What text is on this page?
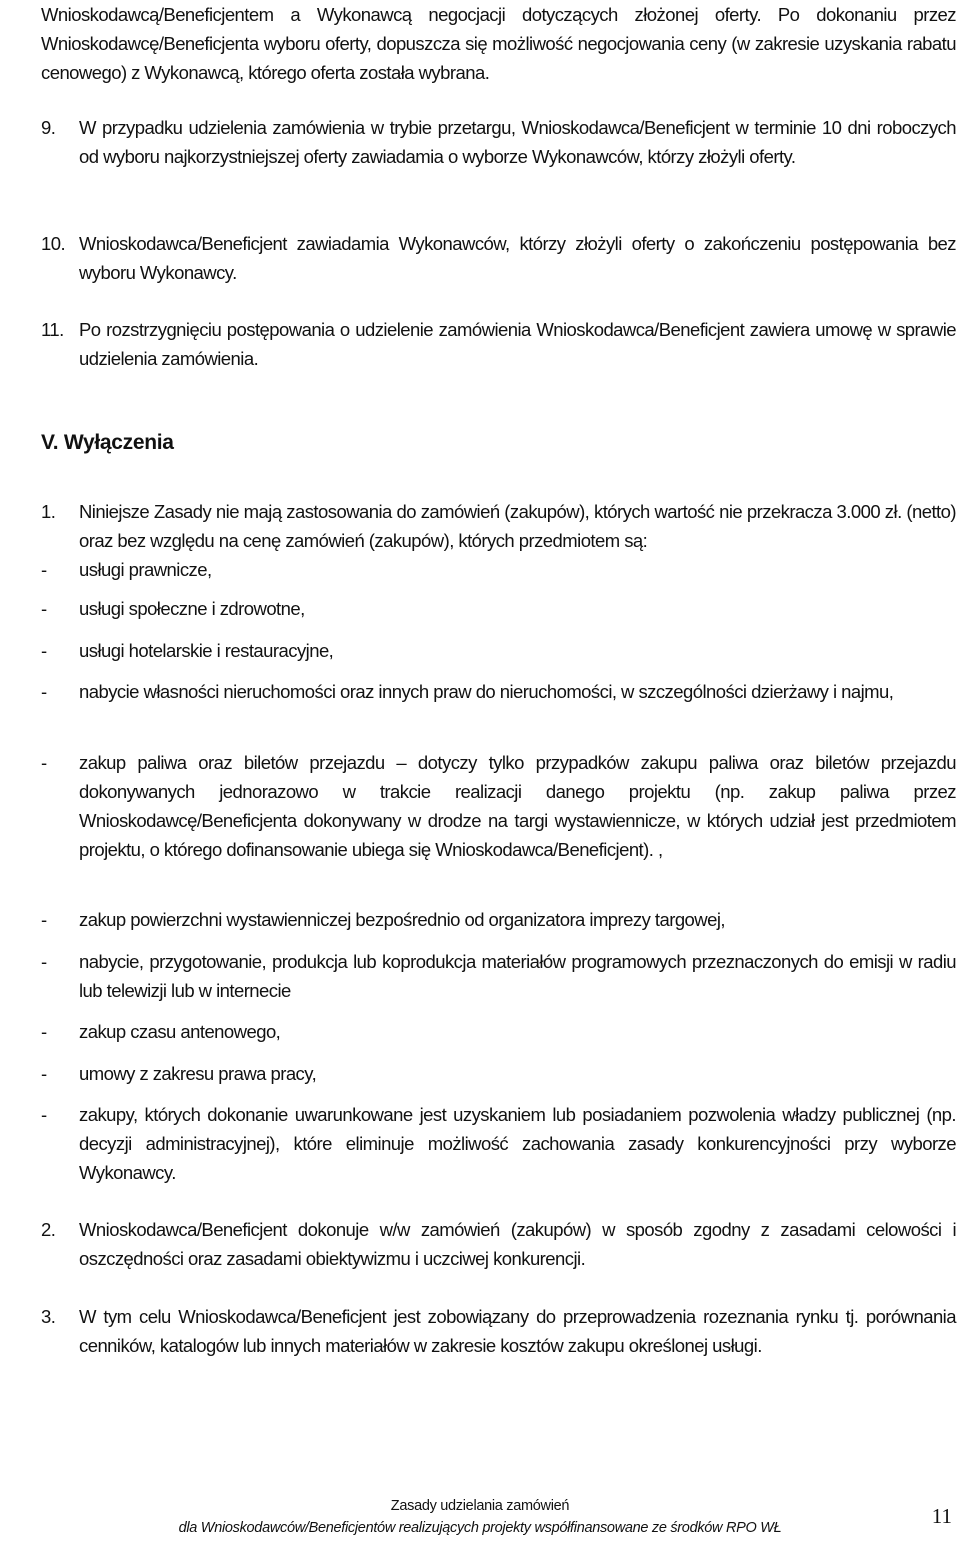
Wnioskodawcą/Beneficjentem a Wykonawcą negocjacji dotyczących złożonej oferty. Po dokonaniu przez Wnioskodawcę/Beneficjenta wyboru oferty, dopuszcza się możliwość negocjowania ceny (w zakresie uzyskania rabatu cenowego) z Wykonawcą, którego oferta została wybrana.

9.	W przypadku udzielenia zamówienia w trybie przetargu, Wnioskodawca/Beneficjent w terminie 10 dni roboczych od wyboru najkorzystniejszej oferty zawiadamia o wyborze Wykonawców, którzy złożyli oferty.
10. Wnioskodawca/Beneficjent zawiadamia Wykonawców, którzy złożyli oferty o zakończeniu postępowania bez wyboru Wykonawcy.
11. Po rozstrzygnięciu postępowania o udzielenie zamówienia Wnioskodawca/Beneficjent zawiera umowę w sprawie udzielenia zamówienia.
V. Wyłączenia
1.	Niniejsze Zasady nie mają zastosowania do zamówień (zakupów), których wartość nie przekracza 3.000 zł. (netto) oraz bez względu na cenę zamówień (zakupów), których przedmiotem są:
-	usługi prawnicze,
-	usługi społeczne i zdrowotne,
-	usługi hotelarskie i restauracyjne,
-	nabycie własności nieruchomości oraz innych praw do nieruchomości, w szczególności dzierżawy i najmu,
-	zakup paliwa oraz biletów przejazdu – dotyczy tylko przypadków zakupu paliwa oraz biletów przejazdu dokonywanych jednorazowo w trakcie realizacji danego projektu (np. zakup paliwa przez Wnioskodawcę/Beneficjenta dokonywany w drodze na targi wystawiennicze, w których udział jest przedmiotem projektu, o którego dofinansowanie ubiega się Wnioskodawca/Beneficjent). ,
-	zakup powierzchni wystawienniczej bezpośrednio od organizatora imprezy targowej,
-	nabycie, przygotowanie, produkcja lub koprodukcja materiałów programowych przeznaczonych do emisji w radiu lub telewizji lub w internecie
-	zakup czasu antenowego,
-	umowy z zakresu prawa pracy,
-	zakupy, których dokonanie uwarunkowane jest uzyskaniem lub posiadaniem pozwolenia władzy publicznej (np. decyzji administracyjnej), które eliminuje możliwość zachowania zasady konkurencyjności przy wyborze Wykonawcy.
2.	Wnioskodawca/Beneficjent dokonuje w/w zamówień (zakupów) w sposób zgodny z zasadami celowości i oszczędności oraz zasadami obiektywizmu i uczciwej konkurencji.
3.	W tym celu Wnioskodawca/Beneficjent jest zobowiązany do przeprowadzenia rozeznania rynku tj. porównania cenników, katalogów lub innych materiałów w zakresie kosztów zakupu określonej usługi.
Zasady udzielania zamówień
dla Wnioskodawców/Beneficjentów realizujących projekty współfinansowane ze środków RPO WŁ	11
